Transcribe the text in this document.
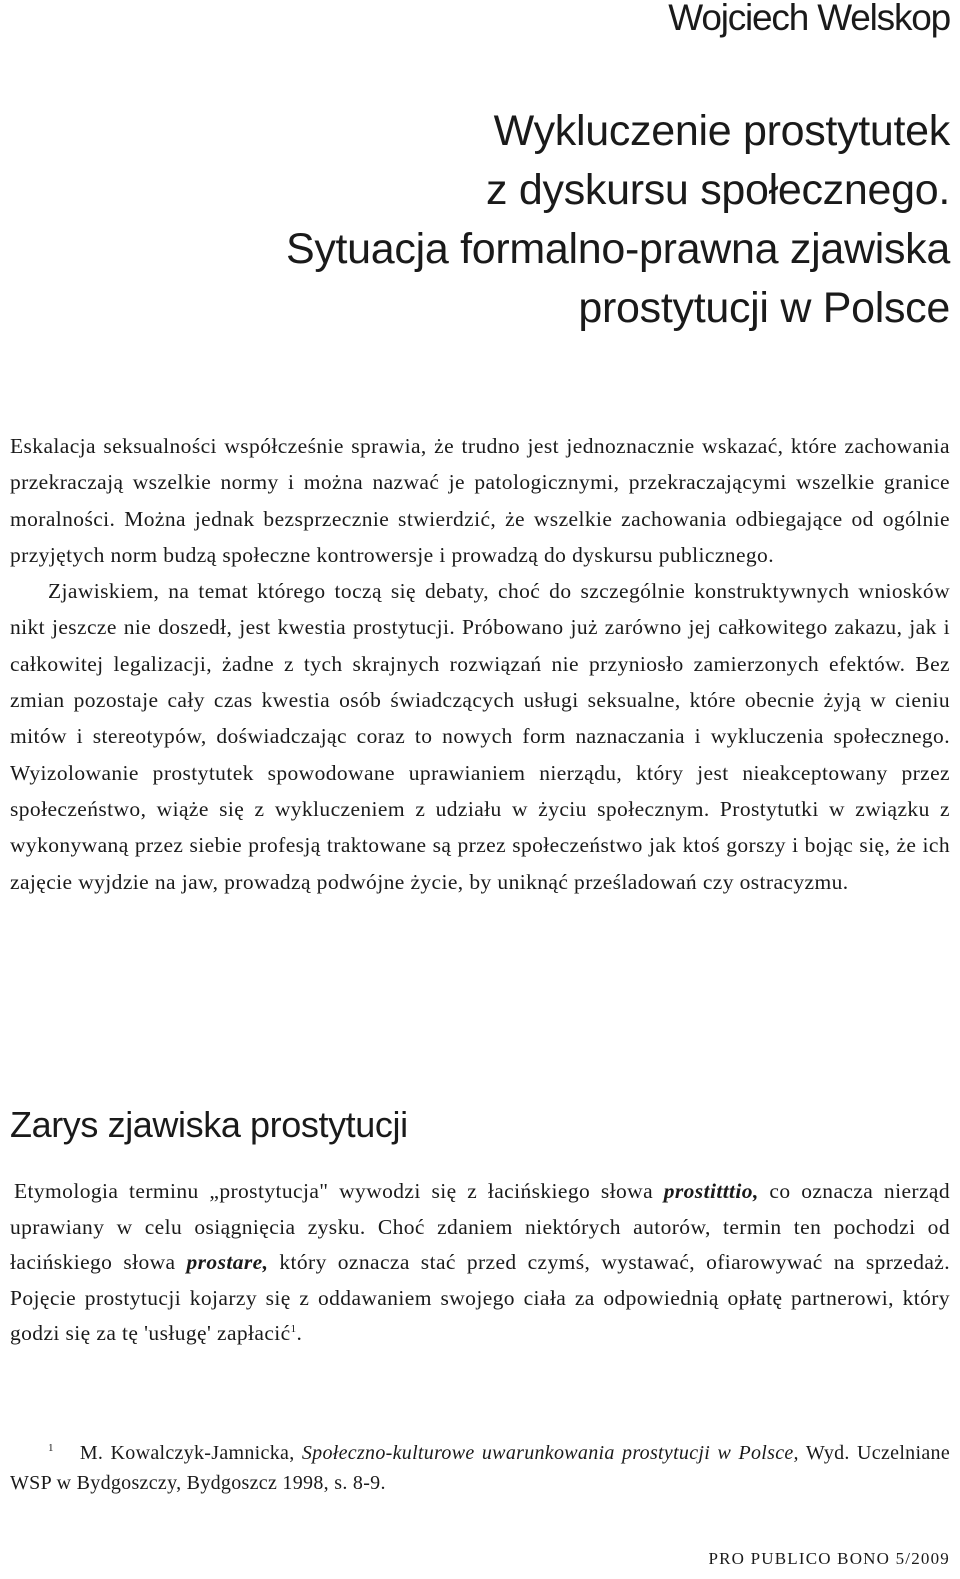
Wojciech Welskop
Wykluczenie prostytutek
z dyskursu społecznego.
Sytuacja formalno-prawna zjawiska
prostytucji w Polsce

Eskalacja seksualności współcześnie sprawia, że trudno jest jednoznacznie wskazać, które zachowania przekraczają wszelkie normy i można nazwać je patologicznymi, przekraczającymi wszelkie granice moralności. Można jednak bezsprzecznie stwierdzić, że wszelkie zachowania odbiegające od ogólnie przyjętych norm budzą społeczne kontrowersje i prowadzą do dyskursu publicznego.

Zjawiskiem, na temat którego toczą się debaty, choć do szczególnie konstruktywnych wniosków nikt jeszcze nie doszedł, jest kwestia prostytucji. Próbowano już zarówno jej całkowitego zakazu, jak i całkowitej legalizacji, żadne z tych skrajnych rozwiązań nie przyniosło zamierzonych efektów. Bez zmian pozostaje cały czas kwestia osób świadczących usługi seksualne, które obecnie żyją w cieniu mitów i stereotypów, doświadczając coraz to nowych form naznaczania i wykluczenia społecznego. Wyizolowanie prostytutek spowodowane uprawianiem nierządu, który jest nieakceptowany przez społeczeństwo, wiąże się z wykluczeniem z udziału w życiu społecznym. Prostytutki w związku z wykonywaną przez siebie profesją traktowane są przez społeczeństwo jak ktoś gorszy i bojąc się, że ich zajęcie wyjdzie na jaw, prowadzą podwójne życie, by uniknąć prześladowań czy ostracyzmu.

Zarys zjawiska prostytucji

Etymologia terminu „prostytucja" wywodzi się z łacińskiego słowa prostitttio, co oznacza nierząd uprawiany w celu osiągnięcia zysku. Choć zdaniem niektórych autorów, termin ten pochodzi od łacińskiego słowa prostare, który oznacza stać przed czymś, wystawać, ofiarowywać na sprzedaż. Pojęcie prostytucji kojarzy się z oddawaniem swojego ciała za odpowiednią opłatę partnerowi, który godzi się za tę 'usługę' zapłacić$^1$.

$^1$ M. Kowalczyk-Jamnicka, Społeczno-kulturowe uwarunkowania prostytucji w Polsce, Wyd. Uczelniane WSP w Bydgoszczy, Bydgoszcz 1998, s. 8-9.

PRO PUBLICO BONO 5/2009
